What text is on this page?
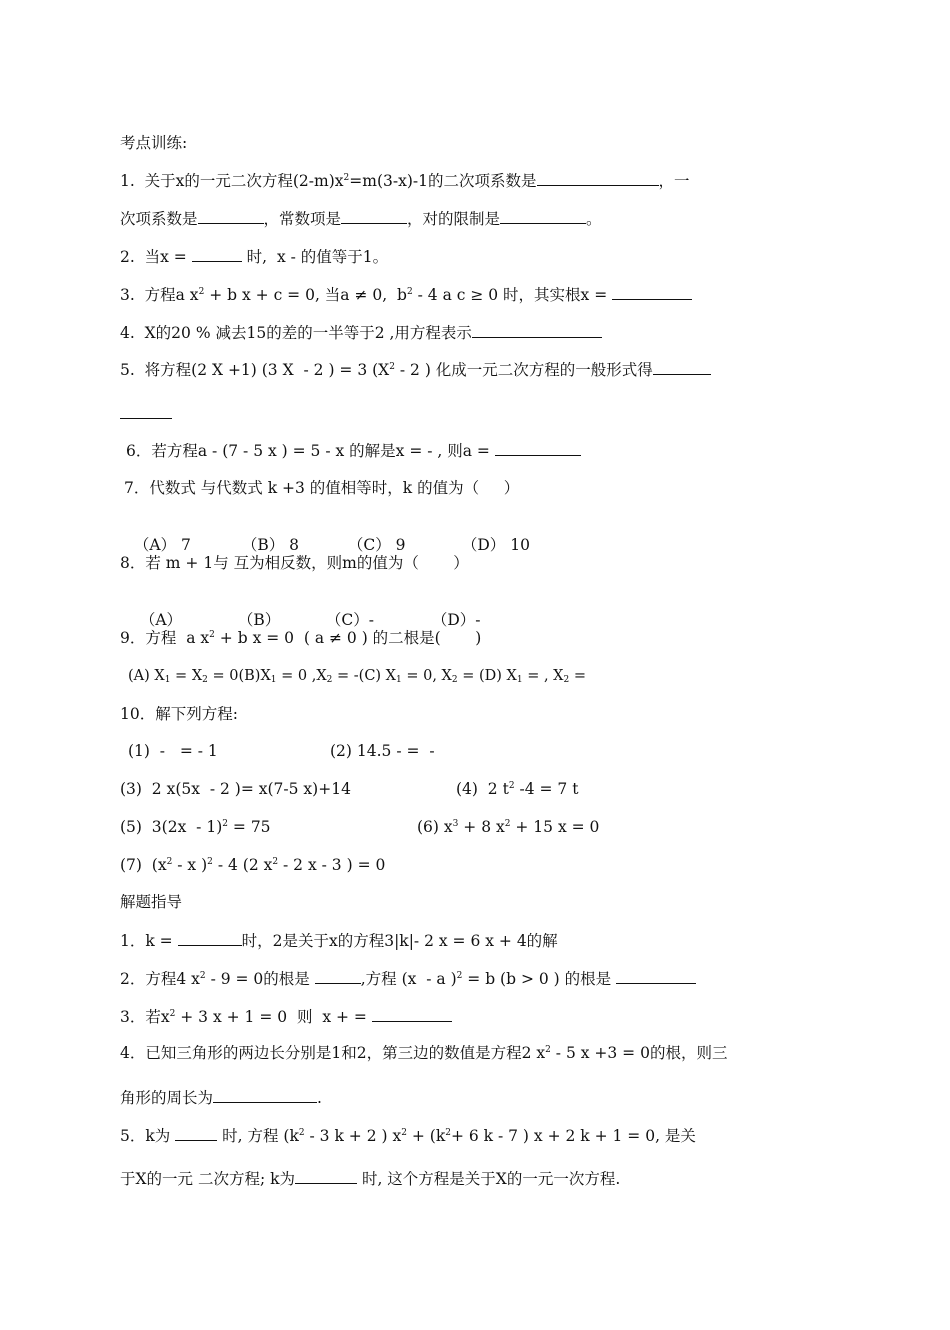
考点训练:
1.  关于x的一元二次方程$(2-m)x^2=m(3-x)-1$的二次项系数是	，一
次项系数是	，常数项是	，对的限制是	。
2.  当x =	时,  x - 的值等于1。
3.  方程a $x^2 + b$ x + c = 0, 当a ≠ 0,  $b^2 - 4$ a c ≥ 0 时，其实根x =
4.  X的20 % 减去15的差的一半等于2 ,用方程表示
5.  将方程(2 X +1) (3 X  - 2 ) = 3 ($X^2 - 2$ ) 化成一元二次方程的一般形式得
6．若方程a - (7 - 5 x ) = 5 - x 的解是x = - , 则a =
7．代数式 与代数式 k +3 的值相等时，k 的值为（     ）

（A） 7	（B） 8	（C） 9	（D） 10

8．若 m + 1与 互为相反数，则m的值为（       ）

（A）	（B）	（C）-	（D）-

9．方程  a $x^2 + b$ x = 0  ( a ≠ 0 ) 的二根是(       )
(A) $X_1 = X_2 = 0(B)X_1 = 0$ $,X_2 = -(C) X_1 = 0$, $X_2 = (D) X_1$ = , $X_2$ =
10．解下列方程:
(1)  -   = - 1	(2) 14.5 - =  -
(3)  2 x(5x  - 2 )= x(7-5 x)+14	(4)  2 $t^2$ -4 = 7 t
(5)  3(2x  - 1)$^2$ = 75	(6) $x^3 + 8$ $x^2 + 15$ x = 0
(7)  ($x^2$ - x )$^2$ - 4 (2 $x^2 - 2$ x - 3 ) = 0
解题指导
1．k =	时，2是关于x的方程3|k|- 2 x = 6 x + 4的解
2．方程4 $x^2 - 9 = 0$的根是	,方程 (x  - a )$^2$ = b (b > 0 ) 的根是
3．若$x^2 + 3$ x + 1 = 0  则  x + =
4．已知三角形的两边长分别是1和2，第三边的数值是方程2 $x^2 - 5$ x +3 = 0的根，则三
角形的周长为	.
5．k为	时, 方程 ($k^2 - 3$ k + 2 ) $x^2 + (k^2+ 6$ k - 7 ) x + 2 k + 1 = 0, 是关
于X的一元 二次方程; k为	时, 这个方程是关于X的一元一次方程.
